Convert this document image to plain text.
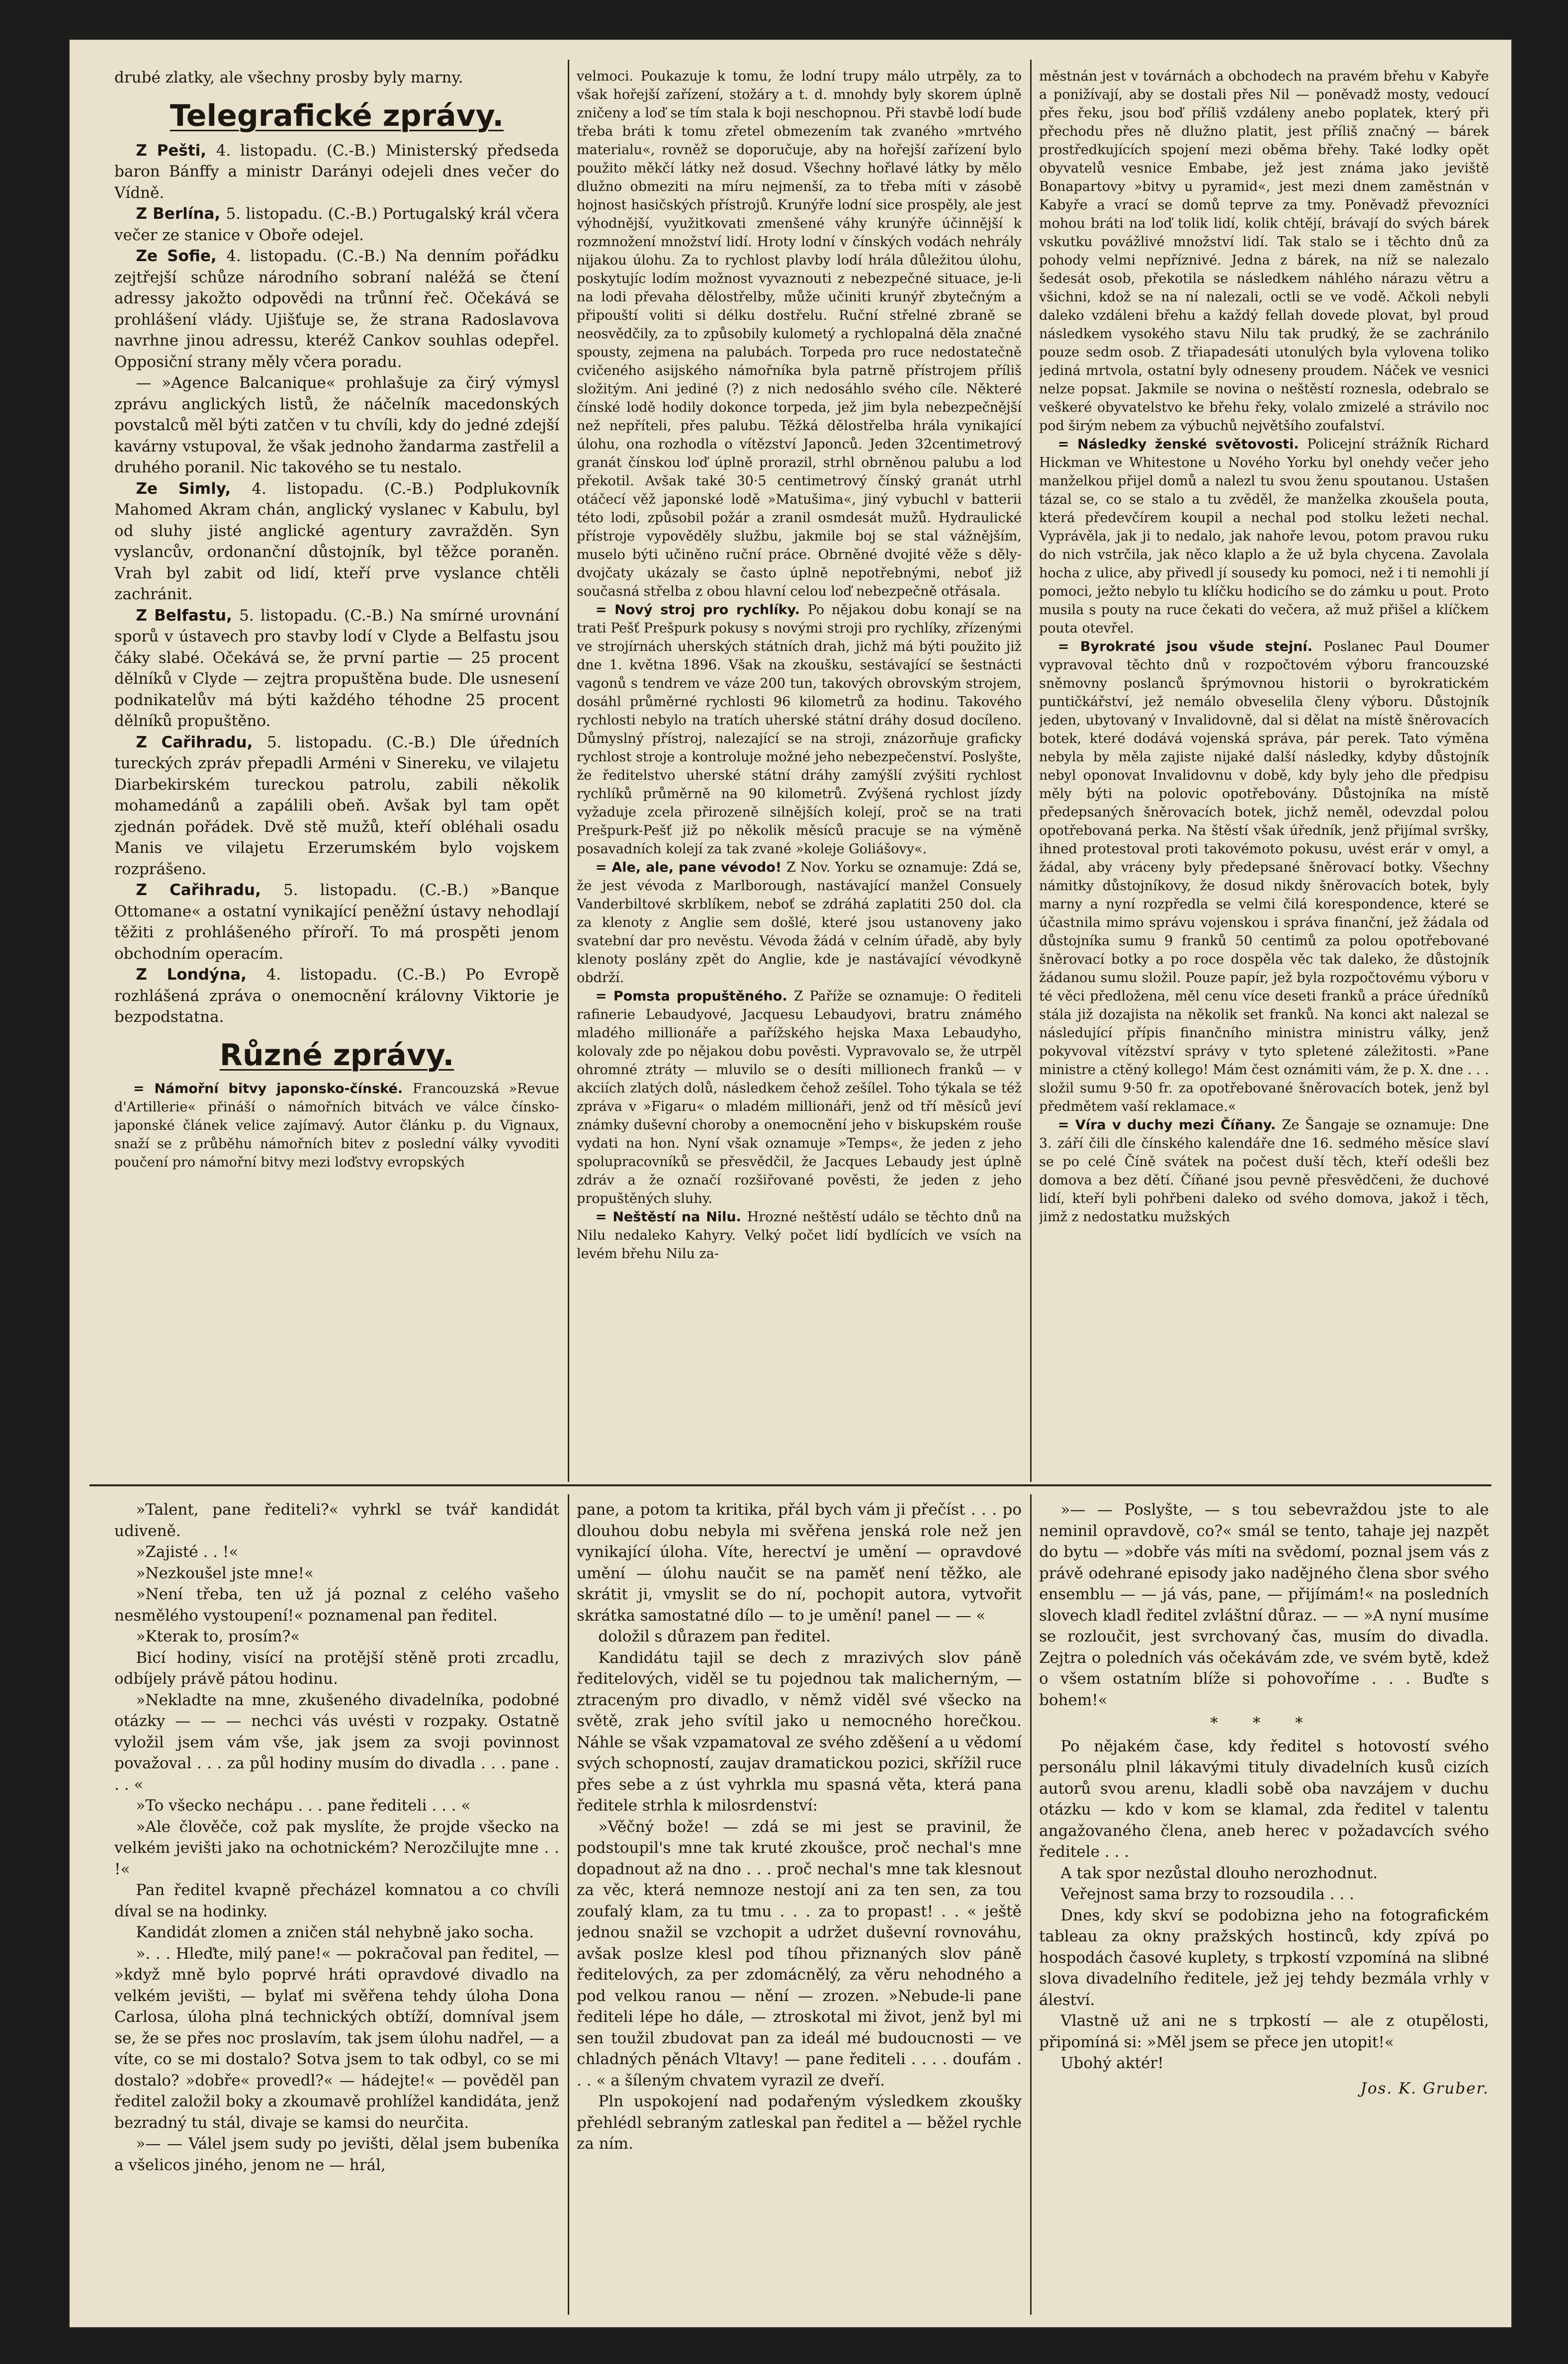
drubé zlatky, ale všechny prosby byly marny.

Telegrafické zprávy.

Z Pešti, 4. listopadu. (C.-B.) Ministerský předseda baron Bánffy a ministr Darányi odejeli dnes večer do Vídně.

Z Berlína, 5. listopadu. (C.-B.) Portugalský král včera večer ze stanice v Oboře odejel.

Ze Sofie, 4. listopadu. (C.-B.) Na denním pořádku zejtřejší schůze národního sobraní naléžá se čtení adressy jakožto odpovědi na trůnní řeč. Očekává se prohlášení vlády. Ujišťuje se, že strana Radoslavova navrhne jinou adressu, kteréž Cankov souhlas odepřel. Opposiční strany měly včera poradu.

— »Agence Balcanique« prohlašuje za čirý výmysl zprávu anglických listů, že náčelník macedonských povstalců měl býti zatčen v tu chvíli, kdy do jedné zdejší kavárny vstupoval, že však jednoho žandarma zastřelil a druhého poranil. Nic takového se tu nestalo.

Ze Simly, 4. listopadu. (C.-B.) Podplukovník Mahomed Akram chán, anglický vyslanec v Kabulu, byl od sluhy jisté anglické agentury zavražděn. Syn vyslancův, ordonanční důstojník, byl těžce poraněn. Vrah byl zabit od lidí, kteří prve vyslance chtěli zachránit.

Z Belfastu, 5. listopadu. (C.-B.) Na smírné urovnání sporů v ústavech pro stavby lodí v Clyde a Belfastu jsou čáky slabé. Očekává se, že první partie — 25 procent dělníků v Clyde — zejtra propuštěna bude. Dle usnesení podnikatelův má býti každého téhodne 25 procent dělníků propuštěno.

Z Cařihradu, 5. listopadu. (C.-B.) Dle úředních tureckých zpráv přepadli Arméni v Sinereku, ve vilajetu Diarbekirském tureckou patrolu, zabili několik mohamedánů a zapálili obeň. Avšak byl tam opět zjednán pořádek. Dvě stě mužů, kteří obléhali osadu Manis ve vilajetu Erzerumském bylo vojskem rozprášeno.

Z Cařihradu, 5. listopadu. (C.-B.) »Banque Ottomane« a ostatní vynikající peněžní ústavy nehodlají těžiti z prohlášeného příroří. To má prospěti jenom obchodním operacím.

Z Londýna, 4. listopadu. (C.-B.) Po Evropě rozhlášená zpráva o onemocnění královny Viktorie je bezpodstatna.

Různé zprávy.

= Námořní bitvy japonsko-čínské. Francouzská »Revue d'Artillerie« přináší o námořních bitvách ve válce čínsko-japonské článek velice zajímavý. Autor článku p. du Vignaux, snaží se z průběhu námořních bitev z poslední války vyvoditi poučení pro námořní bitvy mezi loďstvy evropských

velmoci. Poukazuje k tomu, že lodní trupy málo utrpěly, za to však hořejší zařízení, stožáry a t. d. mnohdy byly skorem úplně zničeny a loď se tím stala k boji neschopnou. Při stavbě lodí bude třeba bráti k tomu zřetel obmezením tak zvaného »mrtvého materialu«, rovněž se doporučuje, aby na hořejší zařízení bylo použito měkčí látky než dosud. Všechny hořlavé látky by mělo dlužno obmeziti na míru nejmenší, za to třeba míti v zásobě hojnost hasičských přístrojů. Krunýře lodní sice prospěly, ale jest výhodnější, využitkovati zmenšené váhy krunýře účinnější k rozmnožení množství lidí. Hroty lodní v čínských vodách nehrály nijakou úlohu. Za to rychlost plavby lodí hrála důležitou úlohu, poskytujíc lodím možnost vyvaznouti z nebezpečné situace, je-li na lodi převaha dělostřelby, může učiniti krunýř zbytečným a připouští voliti si délku dostřelu. Ruční střelné zbraně se neosvědčily, za to způsobily kulometý a rychlopalná děla značné spousty, zejmena na palubách. Torpeda pro ruce nedostatečně cvičeného asijského námořníka byla patrně přístrojem příliš složitým. Ani jediné (?) z nich nedosáhlo svého cíle. Některé čínské lodě hodily dokonce torpeda, jež jim byla nebezpečnější než nepříteli, přes palubu. Těžká dělostřelba hrála vynikající úlohu, ona rozhodla o vítězství Japonců. Jeden 32centimetrový granát čínskou loď úplně prorazil, strhl obrněnou palubu a loď překotil. Avšak také 30·5 centimetrový čínský granát utrhl otáčecí věž japonské lodě »Matušima«, jiný vybuchl v batterii této lodi, způsobil požár a zranil osmdesát mužů. Hydraulické přístroje vypověděly službu, jakmile boj se stal vážnějším, muselo býti učiněno ruční práce. Obrněné dvojité věže s děly-dvojčaty ukázaly se často úplně nepotřebnými, neboť již současná střelba z obou hlavní celou loď nebezpečně otřásala.

= Nový stroj pro rychlíky. Po nějakou dobu konají se na trati Pešť Prešpurk pokusy s novými stroji pro rychlíky, zřízenými ve strojírnách uherských státních drah, jichž má býti použito již dne 1. května 1896. Však na zkoušku, sestávající se šestnácti vagonů s tendrem ve váze 200 tun, takových obrovským strojem, dosáhl průměrné rychlosti 96 kilometrů za hodinu. Takového rychlosti nebylo na tratích uherské státní dráhy dosud docíleno. Důmyslný přístroj, nalezající se na stroji, znázorňuje graficky rychlost stroje a kontroluje možné jeho nebezpečenství. Poslyšte, že ředitelstvo uherské státní dráhy zamýšlí zvýšiti rychlost rychlíků průměrně na 90 kilometrů. Zvýšená rychlost jízdy vyžaduje zcela přirozeně silnějších kolejí, proč se na trati Prešpurk-Pešť již po několik měsíců pracuje se na výměně posavadních kolejí za tak zvané »koleje Goliášovy«.

= Ale, ale, pane vévodo! Z Nov. Yorku se oznamuje: Zdá se, že jest vévoda z Marlborough, nastávající manžel Consuely Vanderbiltové skrblíkem, neboť se zdráhá zaplatiti 250 dol. cla za klenoty z Anglie sem došlé, které jsou ustanoveny jako svatební dar pro nevěstu. Vévoda žádá v celním úřadě, aby byly klenoty poslány zpět do Anglie, kde je nastávající vévodkyně obdrží.

= Pomsta propuštěného. Z Paříže se oznamuje: O řediteli rafinerie Lebaudyové, Jacquesu Lebaudyovi, bratru známého mladého millionáře a pařížského hejska Maxa Lebaudyho, kolovaly zde po nějakou dobu pověsti. Vypravovalo se, že utrpěl ohromné ztráty — mluvilo se o desíti millionech franků — v akciích zlatých dolů, následkem čehož zešílel. Toho týkala se též zpráva v »Figaru« o mladém millionáři, jenž od tří měsíců jeví známky duševní choroby a onemocnění jeho v biskupském rouše vydati na hon. Nyní však oznamuje »Temps«, že jeden z jeho spolupracovníků se přesvědčil, že Jacques Lebaudy jest úplně zdráv a že označí rozšiřované pověsti, že jeden z jeho propuštěných sluhy.

= Neštěstí na Nilu. Hrozné neštěstí událo se těchto dnů na Nilu nedaleko Kahyry. Velký počet lidí bydlících ve vsích na levém břehu Nilu za-

městnán jest v továrnách a obchodech na pravém břehu v Kabyře a ponižívají, aby se dostali přes Nil — poněvadž mosty, vedoucí přes řeku, jsou boď příliš vzdáleny anebo poplatek, který při přechodu přes ně dlužno platit, jest příliš značný — bárek prostředkujících spojení mezi oběma břehy. Také lodky opět obyvatelů vesnice Embabe, jež jest známa jako jeviště Bonapartovy »bitvy u pyramid«, jest mezi dnem zaměstnán v Kabyře a vrací se domů teprve za tmy. Poněvadž převozníci mohou bráti na loď tolik lidí, kolik chtějí, brávají do svých bárek vskutku povážlivé množství lidí. Tak stalo se i těchto dnů za pohody velmi nepříznivé. Jedna z bárek, na níž se nalezalo šedesát osob, překotila se následkem náhlého nárazu větru a všichni, kdož se na ní nalezali, octli se ve vodě. Ačkoli nebyli daleko vzdáleni břehu a každý fellah dovede plovat, byl proud následkem vysokého stavu Nilu tak prudký, že se zachránilo pouze sedm osob. Z třiapadesáti utonulých byla vylovena toliko jediná mrtvola, ostatní byly odneseny proudem. Náček ve vesnici nelze popsat. Jakmile se novina o neštěstí roznesla, odebralo se veškeré obyvatelstvo ke břehu řeky, volalo zmizelé a strávilo noc pod širým nebem za výbuchů největšího zoufalství.

= Následky ženské světovosti. Policejní strážník Richard Hickman ve Whitestone u Nového Yorku byl onehdy večer jeho manželkou přijel domů a nalezl tu svou ženu spoutanou. Ustašen tázal se, co se stalo a tu zvěděl, že manželka zkoušela pouta, která předevčírem koupil a nechal pod stolku ležeti nechal. Vyprávěla, jak ji to nedalo, jak nahoře levou, potom pravou ruku do nich vstrčila, jak něco klaplo a že už byla chycena. Zavolala hocha z ulice, aby přivedl jí sousedy ku pomoci, než i ti nemohli jí pomoci, ježto nebylo tu klíčku hodicího se do zámku u pout. Proto musila s pouty na ruce čekati do večera, až muž přišel a klíčkem pouta otevřel.

= Byrokraté jsou všude stejní. Poslanec Paul Doumer vypravoval těchto dnů v rozpočtovém výboru francouzské sněmovny poslanců šprýmovnou historii o byrokratickém puntičkářství, jež nemálo obveselila členy výboru. Důstojník jeden, ubytovaný v Invalidovně, dal si dělat na místě šněrovacích botek, které dodává vojenská správa, pár perek. Tato výměna nebyla by měla zajiste nijaké další následky, kdyby důstojník nebyl oponovat Invalidovnu v době, kdy byly jeho dle předpisu měly býti na polovic opotřebovány. Důstojníka na místě předepsaných šněrovacích botek, jichž neměl, odevzdal polou opotřebovaná perka. Na štěstí však úředník, jenž přijímal svršky, ihned protestoval proti takovémoto pokusu, uvést erár v omyl, a žádal, aby vráceny byly předepsané šněrovací botky. Všechny námitky důstojníkovy, že dosud nikdy šněrovacích botek, byly marny a nyní rozpředla se velmi čilá korespondence, které se účastnila mimo správu vojenskou i správa finanční, jež žádala od důstojníka sumu 9 franků 50 centimů za polou opotřebované šněrovací botky a po roce dospěla věc tak daleko, že důstojník žádanou sumu složil. Pouze papír, jež byla rozpočtovému výboru v té věci předložena, měl cenu více deseti franků a práce úředníků stála již dozajista na několik set franků. Na konci akt nalezal se následující přípis finančního ministra ministru války, jenž pokyvoval vítězství správy v tyto spletené záležitosti. »Pane ministre a ctěný kollego! Mám čest oznámiti vám, že p. X. dne . . . složil sumu 9·50 fr. za opotřebované šněrovacích botek, jenž byl předmětem vaší reklamace.«

= Víra v duchy mezi Číňany. Ze Šangaje se oznamuje: Dne 3. září čili dle čínského kalendáře dne 16. sedmého měsíce slaví se po celé Číně svátek na počest duší těch, kteří odešli bez domova a bez dětí. Číňané jsou pevně přesvědčeni, že duchové lidí, kteří byli pohřbeni daleko od svého domova, jakož i těch, jimž z nedostatku mužských

»Talent, pane řediteli?« vyhrkl se tvář kandidát udiveně.

»Zajisté . . !«

»Nezkoušel jste mne!«

»Není třeba, ten už já poznal z celého vašeho nesmělého vystoupení!« poznamenal pan ředitel.

»Kterak to, prosím?«

Bicí hodiny, visící na protější stěně proti zrcadlu, odbíjely právě pátou hodinu.

»Nekladte na mne, zkušeného divadelníka, podobné otázky — — — nechci vás uvésti v rozpaky. Ostatně vyložil jsem vám vše, jak jsem za svoji povinnost považoval . . . za půl hodiny musím do divadla . . . pane . . . «

»To všecko nechápu . . . pane řediteli . . . «

»Ale člověče, což pak myslíte, že projde všecko na velkém jevišti jako na ochotnickém? Nerozčilujte mne . . !«

Pan ředitel kvapně přecházel komnatou a co chvíli díval se na hodinky.

Kandidát zlomen a zničen stál nehybně jako socha.

». . . Hleďte, milý pane!« — pokračoval pan ředitel, — »když mně bylo poprvé hráti opravdové divadlo na velkém jevišti, — bylať mi svěřena tehdy úloha Dona Carlosa, úloha plná technických obtíží, domníval jsem se, že se přes noc proslavím, tak jsem úlohu nadřel, — a víte, co se mi dostalo? Sotva jsem to tak odbyl, co se mi dostalo? »dobře« provedl?« — hádejte!« — pověděl pan ředitel založil boky a zkoumavě prohlížel kandidáta, jenž bezradný tu stál, divaje se kamsi do neurčita.

»— — Válel jsem sudy po jevišti, dělal jsem bubeníka a všelicos jiného, jenom ne — hrál,

pane, a potom ta kritika, přál bych vám ji přečíst . . . po dlouhou dobu nebyla mi svěřena jenská role než jen vynikající úloha. Víte, herectví je umění — opravdové umění — úlohu naučit se na paměť není těžko, ale skrátit ji, vmyslit se do ní, pochopit autora, vytvořit skrátka samostatné dílo — to je umění! panel — — «

doložil s důrazem pan ředitel.

Kandidátu tajil se dech z mrazivých slov páně ředitelových, viděl se tu pojednou tak malicherným, — ztraceným pro divadlo, v němž viděl své všecko na světě, zrak jeho svítil jako u nemocného horečkou. Náhle se však vzpamatoval ze svého zděšení a u vědomí svých schopností, zaujav dramatickou pozici, skřížil ruce přes sebe a z úst vyhrkla mu spasná věta, která pana ředitele strhla k milosrdenství:

»Věčný bože! — zdá se mi jest se pravinil, že podstoupil's mne tak kruté zkoušce, proč nechal's mne dopadnout až na dno . . . proč nechal's mne tak klesnout za věc, která nemnoze nestojí ani za ten sen, za tou zoufalý klam, za tu tmu . . . za to propast! . . « ještě jednou snažil se vzchopit a udržet duševní rovnováhu, avšak poslze klesl pod tíhou přiznaných slov páně ředitelových, za per zdomácnělý, za věru nehodného a pod velkou ranou — nění — zrozen. »Nebude-li pane řediteli lépe ho dále, — ztroskotal mi život, jenž byl mi sen toužil zbudovat pan za ideál mé budoucnosti — ve chladných pěnách Vltavy! — pane řediteli . . . . doufám . . . « a šíleným chvatem vyrazil ze dveří.

Pln uspokojení nad podařeným výsledkem zkoušky přehlédl sebraným zatleskal pan ředitel a — běžel rychle za ním.

»— — Poslyšte, — s tou sebevraždou jste to ale neminil opravdově, co?« smál se tento, tahaje jej nazpět do bytu — »dobře vás míti na svědomí, poznal jsem vás z právě odehrané episody jako nadějného člena sbor svého ensemblu — — já vás, pane, — přijímám!« na posledních slovech kladl ředitel zvláštní důraz. — — »A nyní musíme se rozloučit, jest svrchovaný čas, musím do divadla. Zejtra o poledních vás očekávám zde, ve svém bytě, kdež o všem ostatním blíže si pohovoříme . . . Buďte s bohem!«

* * *

Po nějakém čase, kdy ředitel s hotovostí svého personálu plnil lákavými tituly divadelních kusů cizích autorů svou arenu, kladli sobě oba navzájem v duchu otázku — kdo v kom se klamal, zda ředitel v talentu angažovaného člena, aneb herec v požadavcích svého ředitele . . .

A tak spor nezůstal dlouho nerozhodnut.

Veřejnost sama brzy to rozsoudila . . .

Dnes, kdy skví se podobizna jeho na fotografickém tableau za okny pražských hostinců, kdy zpívá po hospodách časové kuplety, s trpkostí vzpomíná na slibné slova divadelního ředitele, jež jej tehdy bezmála vrhly v áleství.

Vlastně už ani ne s trpkostí — ale z otupělosti, připomíná si: »Měl jsem se přece jen utopit!«

Ubohý aktér!

Jos. K. Gruber.
